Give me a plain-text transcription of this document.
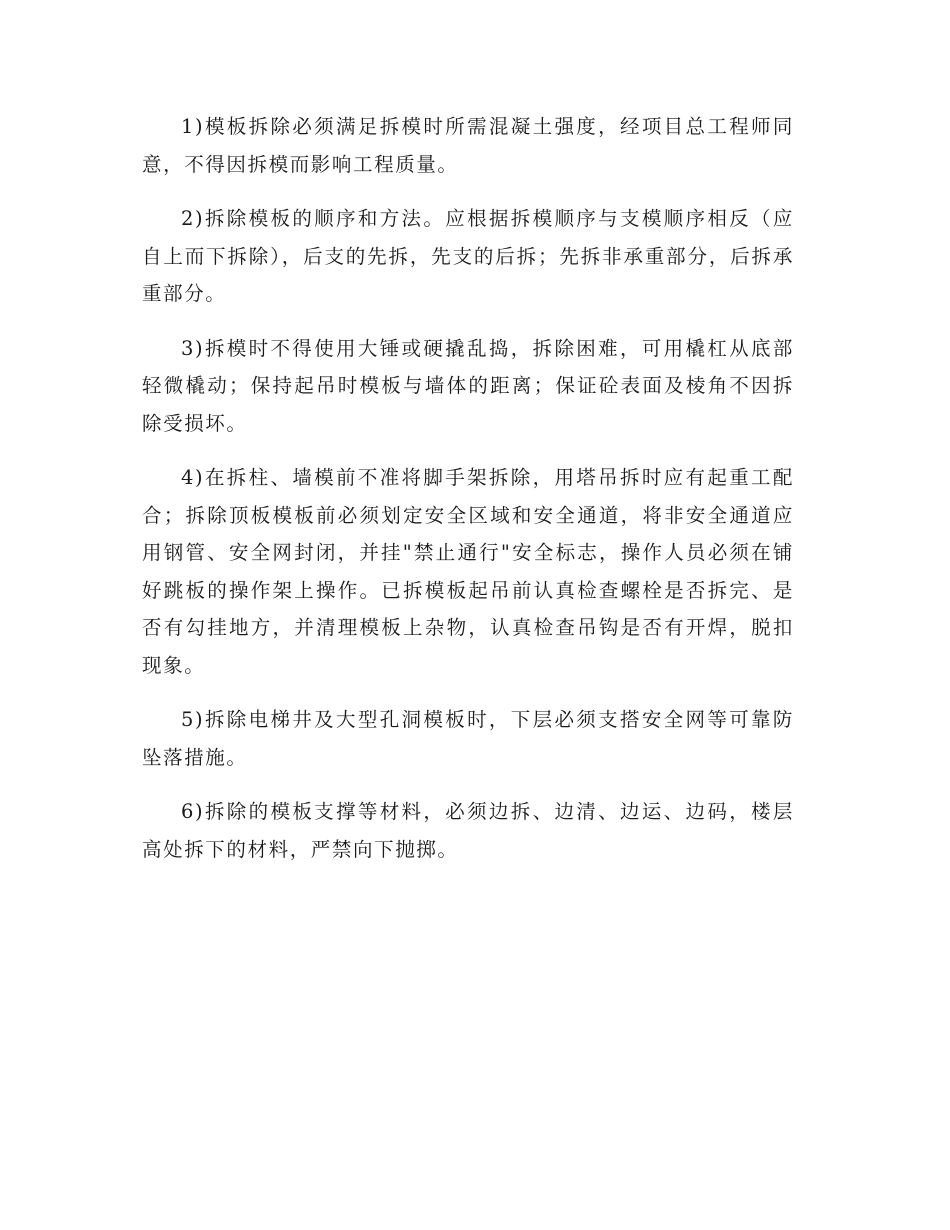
1)模板拆除必须满足拆模时所需混凝土强度，经项目总工程师同意，不得因拆模而影响工程质量。

2)拆除模板的顺序和方法。应根据拆模顺序与支模顺序相反（应自上而下拆除），后支的先拆，先支的后拆；先拆非承重部分，后拆承重部分。

3)拆模时不得使用大锤或硬撬乱捣，拆除困难，可用橇杠从底部轻微橇动；保持起吊时模板与墙体的距离；保证砼表面及棱角不因拆除受损坏。

4)在拆柱、墙模前不准将脚手架拆除，用塔吊拆时应有起重工配合；拆除顶板模板前必须划定安全区域和安全通道，将非安全通道应用钢管、安全网封闭，并挂"禁止通行"安全标志，操作人员必须在铺好跳板的操作架上操作。已拆模板起吊前认真检查螺栓是否拆完、是否有勾挂地方，并清理模板上杂物，认真检查吊钩是否有开焊，脱扣现象。

5)拆除电梯井及大型孔洞模板时，下层必须支搭安全网等可靠防坠落措施。

6)拆除的模板支撑等材料，必须边拆、边清、边运、边码，楼层高处拆下的材料，严禁向下抛掷。
